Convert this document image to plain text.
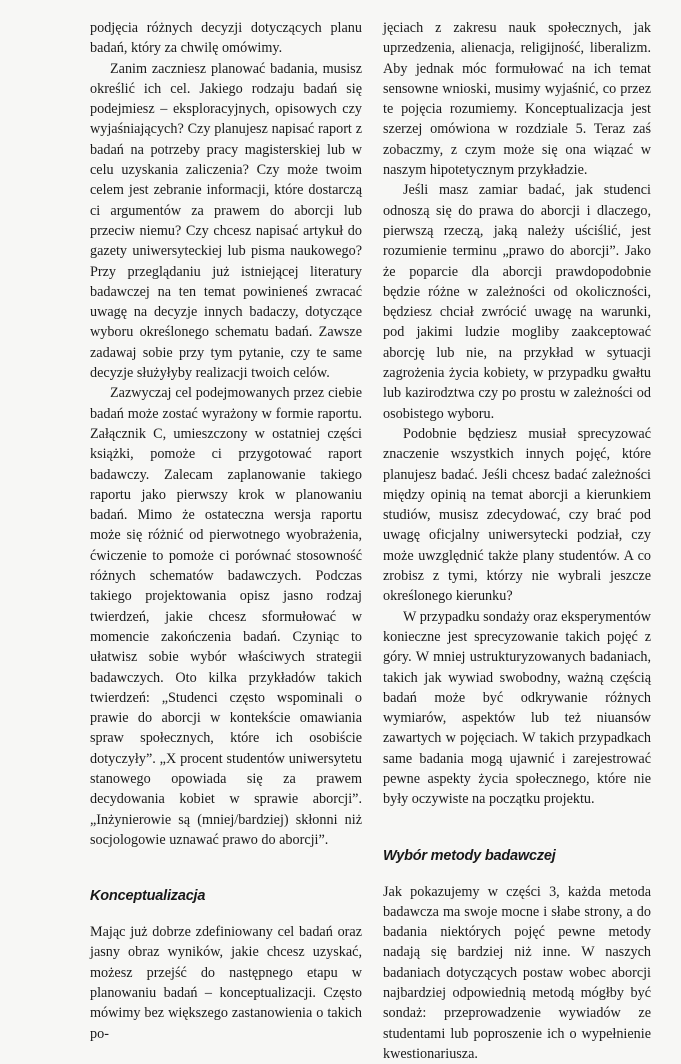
podjęcia różnych decyzji dotyczących planu badań, który za chwilę omówimy.

Zanim zaczniesz planować badania, musisz określić ich cel. Jakiego rodzaju badań się podejmiesz – eksploracyjnych, opisowych czy wyjaśniających? Czy planujesz napisać raport z badań na potrzeby pracy magisterskiej lub w celu uzyskania zaliczenia? Czy może twoim celem jest zebranie informacji, które dostarczą ci argumentów za prawem do aborcji lub przeciw niemu? Czy chcesz napisać artykuł do gazety uniwersyteckiej lub pisma naukowego? Przy przeglądaniu już istniejącej literatury badawczej na ten temat powinieneś zwracać uwagę na decyzje innych badaczy, dotyczące wyboru określonego schematu badań. Zawsze zadawaj sobie przy tym pytanie, czy te same decyzje służyłyby realizacji twoich celów.

Zazwyczaj cel podejmowanych przez ciebie badań może zostać wyrażony w formie raportu. Załącznik C, umieszczony w ostatniej części książki, pomoże ci przygotować raport badawczy. Zalecam zaplanowanie takiego raportu jako pierwszy krok w planowaniu badań. Mimo że ostateczna wersja raportu może się różnić od pierwotnego wyobrażenia, ćwiczenie to pomoże ci porównać stosowność różnych schematów badawczych. Podczas takiego projektowania opisz jasno rodzaj twierdzeń, jakie chcesz sformułować w momencie zakończenia badań. Czyniąc to ułatwisz sobie wybór właściwych strategii badawczych. Oto kilka przykładów takich twierdzeń: „Studenci często wspominali o prawie do aborcji w kontekście omawiania spraw społecznych, które ich osobiście dotyczyły”. „X procent studentów uniwersytetu stanowego opowiada się za prawem decydowania kobiet w sprawie aborcji”. „Inżynierowie są (mniej/bardziej) skłonni niż socjologowie uznawać prawo do aborcji”.

Konceptualizacja

Mając już dobrze zdefiniowany cel badań oraz jasny obraz wyników, jakie chcesz uzyskać, możesz przejść do następnego etapu w planowaniu badań – konceptualizacji. Często mówimy bez większego zastanowienia o takich po-

jęciach z zakresu nauk społecznych, jak uprzedzenia, alienacja, religijność, liberalizm. Aby jednak móc formułować na ich temat sensowne wnioski, musimy wyjaśnić, co przez te pojęcia rozumiemy. Konceptualizacja jest szerzej omówiona w rozdziale 5. Teraz zaś zobaczmy, z czym może się ona wiązać w naszym hipotetycznym przykładzie.

Jeśli masz zamiar badać, jak studenci odnoszą się do prawa do aborcji i dlaczego, pierwszą rzeczą, jaką należy uściślić, jest rozumienie terminu „prawo do aborcji”. Jako że poparcie dla aborcji prawdopodobnie będzie różne w zależności od okoliczności, będziesz chciał zwrócić uwagę na warunki, pod jakimi ludzie mogliby zaakceptować aborcję lub nie, na przykład w sytuacji zagrożenia życia kobiety, w przypadku gwałtu lub kazirodztwa czy po prostu w zależności od osobistego wyboru.

Podobnie będziesz musiał sprecyzować znaczenie wszystkich innych pojęć, które planujesz badać. Jeśli chcesz badać zależności między opinią na temat aborcji a kierunkiem studiów, musisz zdecydować, czy brać pod uwagę oficjalny uniwersytecki podział, czy może uwzględnić także plany studentów. A co zrobisz z tymi, którzy nie wybrali jeszcze określonego kierunku?

W przypadku sondaży oraz eksperymentów konieczne jest sprecyzowanie takich pojęć z góry. W mniej ustrukturyzowanych badaniach, takich jak wywiad swobodny, ważną częścią badań może być odkrywanie różnych wymiarów, aspektów lub też niuansów zawartych w pojęciach. W takich przypadkach same badania mogą ujawnić i zarejestrować pewne aspekty życia społecznego, które nie były oczywiste na początku projektu.

Wybór metody badawczej

Jak pokazujemy w części 3, każda metoda badawcza ma swoje mocne i słabe strony, a do badania niektórych pojęć pewne metody nadają się bardziej niż inne. W naszych badaniach dotyczących postaw wobec aborcji najbardziej odpowiednią metodą mógłby być sondaż: przeprowadzenie wywiadów ze studentami lub poproszenie ich o wypełnienie kwestionariusza.
